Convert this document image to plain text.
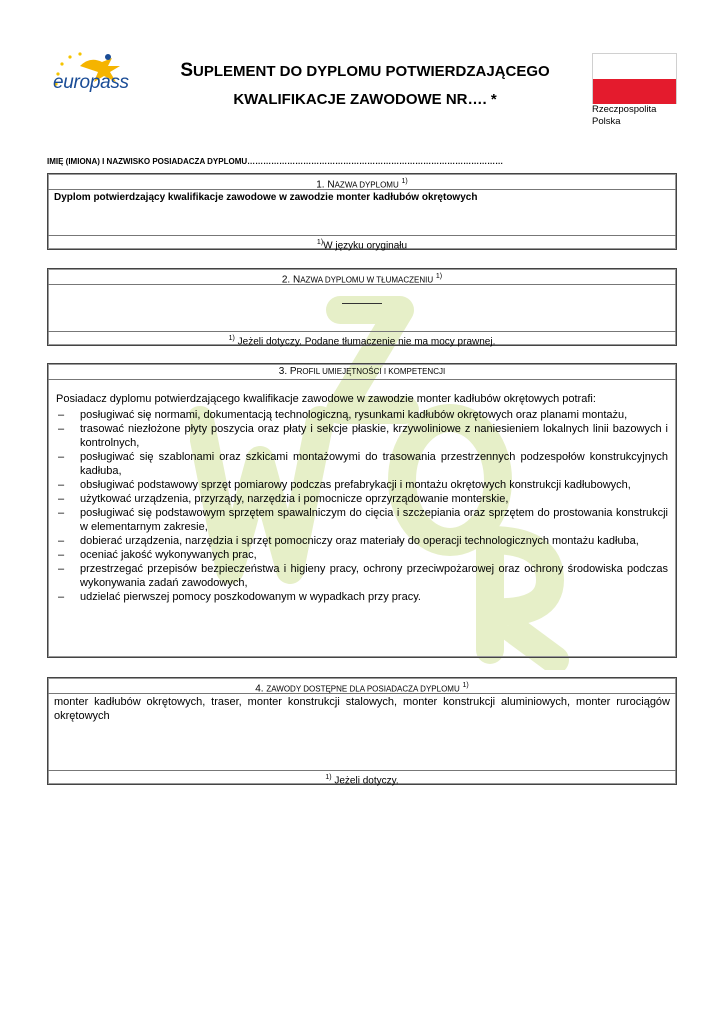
europass
SUPLEMENT DO DYPLOMU POTWIERDZAJĄCEGO
KWALIFIKACJE ZAWODOWE NR…. *
Rzeczpospolita
Polska
IMIĘ (IMIONA) I NAZWISKO POSIADACZA DYPLOMU……………………………………………………………………………………
1. NAZWA DYPLOMU $^{1)}$
Dyplom potwierdzający kwalifikacje zawodowe w zawodzie monter kadłubów okrętowych
$^{1)}$W języku oryginału
2. NAZWA DYPLOMU W TŁUMACZENIU $^{1)}$
$^{1)}$ Jeżeli dotyczy. Podane tłumaczenie nie ma mocy prawnej.
3. PROFIL UMIEJĘTNOŚCI I KOMPETENCJI
Posiadacz dyplomu potwierdzającego kwalifikacje zawodowe w zawodzie monter kadłubów okrętowych potrafi:
– posługiwać się normami, dokumentacją technologiczną, rysunkami kadłubów okrętowych oraz planami montażu,
– trasować niezłożone płyty poszycia oraz płaty i sekcje płaskie, krzywoliniowe z naniesieniem lokalnych linii bazowych i kontrolnych,
– posługiwać się szablonami oraz szkicami montażowymi do trasowania przestrzennych podzespołów konstrukcyjnych kadłuba,
– obsługiwać podstawowy sprzęt pomiarowy podczas prefabrykacji i montażu okrętowych konstrukcji kadłubowych,
– użytkować urządzenia, przyrządy, narzędzia i pomocnicze oprzyrządowanie monterskie,
– posługiwać się podstawowym sprzętem spawalniczym do cięcia i szczepiania oraz sprzętem do prostowania konstrukcji w elementarnym zakresie,
– dobierać urządzenia, narzędzia i sprzęt pomocniczy oraz materiały do operacji technologicznych montażu kadłuba,
– oceniać jakość wykonywanych prac,
– przestrzegać przepisów bezpieczeństwa i higieny pracy, ochrony przeciwpożarowej oraz ochrony środowiska podczas wykonywania zadań zawodowych,
– udzielać pierwszej pomocy poszkodowanym w wypadkach przy pracy.
4. ZAWODY DOSTĘPNE DLA POSIADACZA DYPLOMU $^{1)}$
monter kadłubów okrętowych, traser, monter konstrukcji stalowych, monter konstrukcji aluminiowych, monter rurociągów okrętowych
$^{1)}$ Jeżeli dotyczy.
